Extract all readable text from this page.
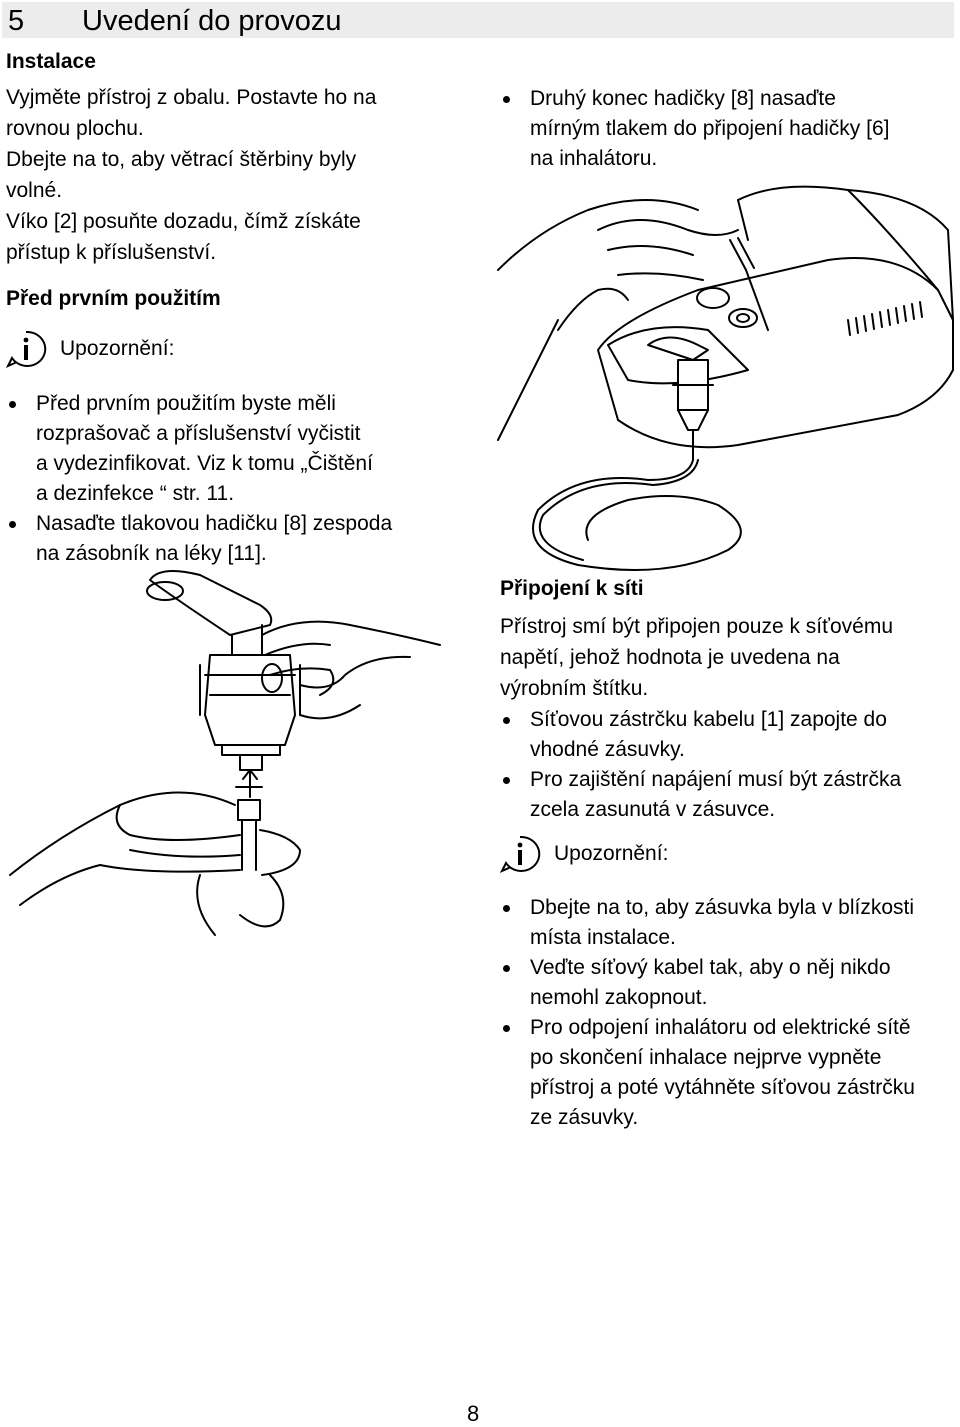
5 Uvedení do provozu
Instalace
Vyjměte přístroj z obalu. Postavte ho na
rovnou plochu.
Dbejte na to, aby větrací štěrbiny byly
volné.
Víko [2] posuňte dozadu, čímž získáte
přístup k příslušenství.
Před prvním použitím
Upozornění:
Před prvním použitím byste měli
rozprašovač a příslušenství vyčistit
a vydezinfikovat. Viz k tomu „Čištění
a dezinfekce “ str. 11.
Nasaďte tlakovou hadičku [8] zespoda
na zásobník na léky [11].
Druhý konec hadičky [8] nasaďte
mírným tlakem do připojení hadičky [6]
na inhalátoru.
Připojení k síti
Přístroj smí být připojen pouze k síťovému
napětí, jehož hodnota je uvedena na
výrobním štítku.
Síťovou zástrčku kabelu [1] zapojte do
vhodné zásuvky.
Pro zajištění napájení musí být zástrčka
zcela zasunutá v zásuvce.
Upozornění:
Dbejte na to, aby zásuvka byla v blízkosti
místa instalace.
Veďte síťový kabel tak, aby o něj nikdo
nemohl zakopnout.
Pro odpojení inhalátoru od elektrické sítě
po skončení inhalace nejprve vypněte
přístroj a poté vytáhněte síťovou zástrčku
ze zásuvky.
8
